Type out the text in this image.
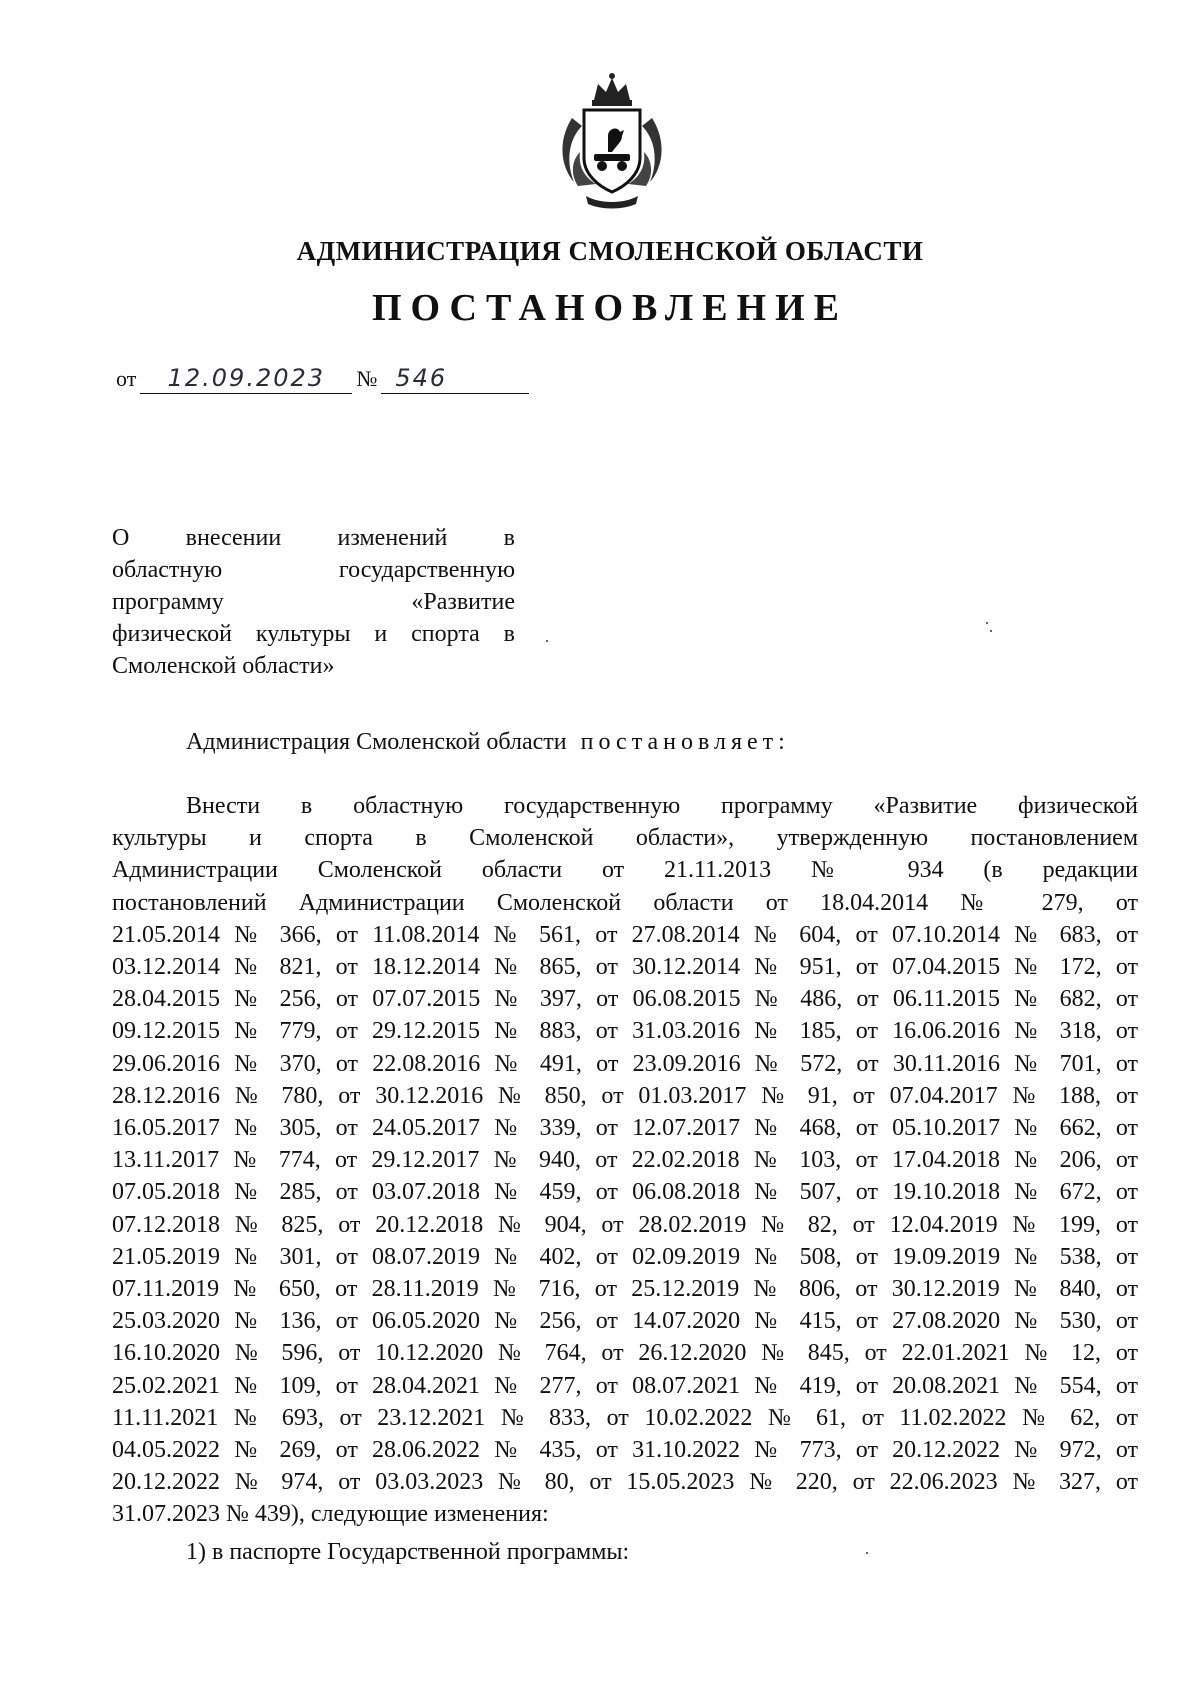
АДМИНИСТРАЦИЯ СМОЛЕНСКОЙ ОБЛАСТИ
ПОСТАНОВЛЕНИЕ
от	12.09.2023	№ 546
О внесении изменений в
областную государственную
программу «Развитие
физической культуры и спорта в
Смоленской области»
Администрация Смоленской области постановляет:
Внести в областную государственную программу «Развитие физической
культуры и спорта в Смоленской области», утвержденную постановлением
Администрации Смоленской области от 21.11.2013 № 934 (в редакции
постановлений Администрации Смоленской области от 18.04.2014 № 279, от
21.05.2014 № 366, от 11.08.2014 № 561, от 27.08.2014 № 604, от 07.10.2014 № 683, от
03.12.2014 № 821, от 18.12.2014 № 865, от 30.12.2014 № 951, от 07.04.2015 № 172, от
28.04.2015 № 256, от 07.07.2015 № 397, от 06.08.2015 № 486, от 06.11.2015 № 682, от
09.12.2015 № 779, от 29.12.2015 № 883, от 31.03.2016 № 185, от 16.06.2016 № 318, от
29.06.2016 № 370, от 22.08.2016 № 491, от 23.09.2016 № 572, от 30.11.2016 № 701, от
28.12.2016 № 780, от 30.12.2016 № 850, от 01.03.2017 № 91, от 07.04.2017 № 188, от
16.05.2017 № 305, от 24.05.2017 № 339, от 12.07.2017 № 468, от 05.10.2017 № 662, от
13.11.2017 № 774, от 29.12.2017 № 940, от 22.02.2018 № 103, от 17.04.2018 № 206, от
07.05.2018 № 285, от 03.07.2018 № 459, от 06.08.2018 № 507, от 19.10.2018 № 672, от
07.12.2018 № 825, от 20.12.2018 № 904, от 28.02.2019 № 82, от 12.04.2019 № 199, от
21.05.2019 № 301, от 08.07.2019 № 402, от 02.09.2019 № 508, от 19.09.2019 № 538, от
07.11.2019 № 650, от 28.11.2019 № 716, от 25.12.2019 № 806, от 30.12.2019 № 840, от
25.03.2020 № 136, от 06.05.2020 № 256, от 14.07.2020 № 415, от 27.08.2020 № 530, от
16.10.2020 № 596, от 10.12.2020 № 764, от 26.12.2020 № 845, от 22.01.2021 № 12, от
25.02.2021 № 109, от 28.04.2021 № 277, от 08.07.2021 № 419, от 20.08.2021 № 554, от
11.11.2021 № 693, от 23.12.2021 № 833, от 10.02.2022 № 61, от 11.02.2022 № 62, от
04.05.2022 № 269, от 28.06.2022 № 435, от 31.10.2022 № 773, от 20.12.2022 № 972, от
20.12.2022 № 974, от 03.03.2023 № 80, от 15.05.2023 № 220, от 22.06.2023 № 327, от
31.07.2023 № 439), следующие изменения:
1) в паспорте Государственной программы:
